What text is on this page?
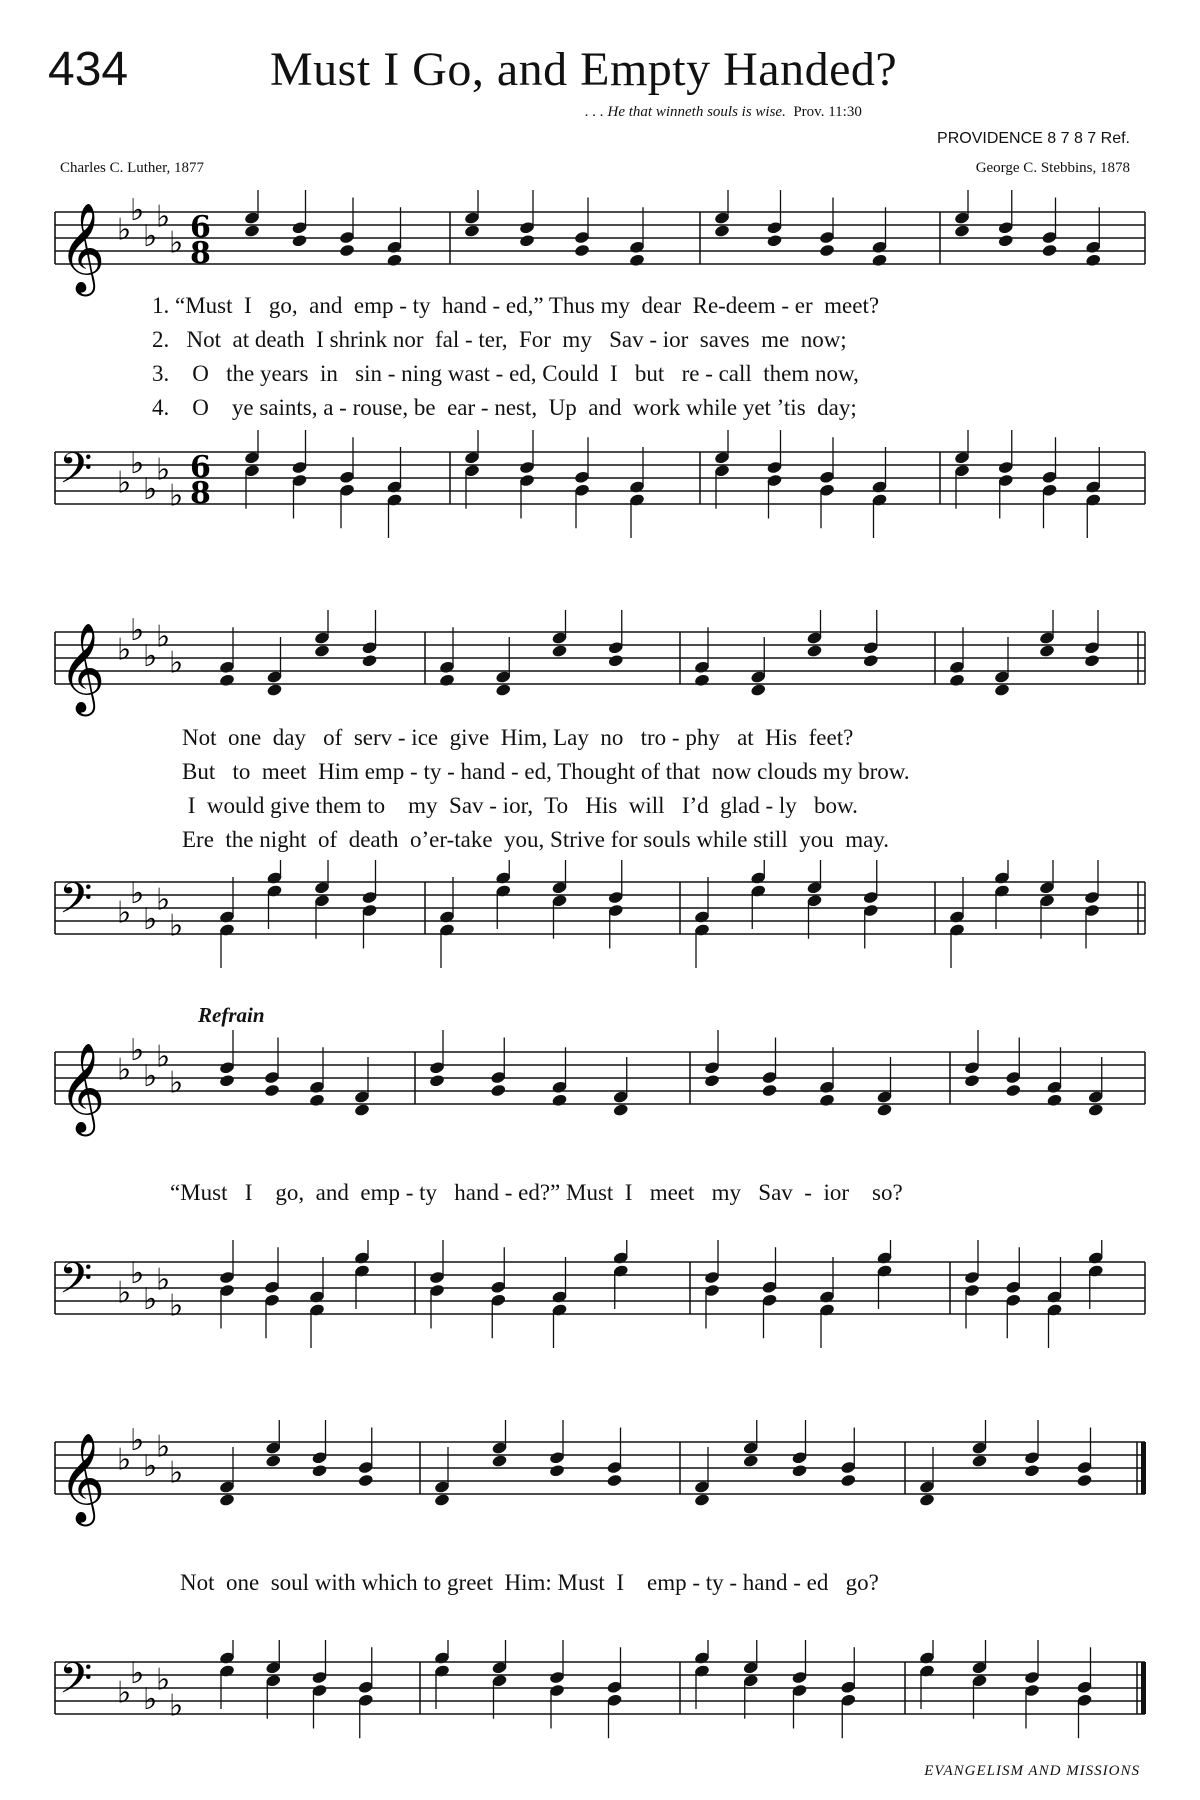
434	Must I Go, and Empty Handed?
. . . He that winneth souls is wise. Prov. 11:30
PROVIDENCE 8 7 8 7 Ref.
Charles C. Luther, 1877	George C. Stebbins, 1878
𝄞 ♭
♭
♭
♭
♭ 6
8
1. “Must  I   go,  and  emp - ty  hand - ed,” Thus my  dear  Re-deem - er  meet?
2.   Not  at death  I shrink nor  fal - ter,  For  my   Sav - ior  saves  me  now;
3.    O   the years  in   sin - ning wast - ed, Could  I   but   re - call  them now,
4.    O    ye saints, a - rouse, be  ear - nest,  Up  and  work while yet ’tis  day;
𝄢 ♭
♭
♭
♭
♭
6
8
𝄞 ♭
♭
♭
♭
♭
Not  one  day   of  serv - ice  give  Him, Lay  no   tro - phy   at  His  feet?
But   to  meet  Him emp - ty - hand - ed, Thought of that  now clouds my brow.
I  would give them to    my  Sav - ior,  To   His  will   I’d  glad - ly   bow.
Ere  the night  of  death  o’er-take  you, Strive for souls while still  you  may.
𝄢 ♭
♭
♭
♭
♭
Refrain
𝄞 ♭
♭
♭
♭
♭
“Must   I    go,  and  emp - ty   hand - ed?” Must  I   meet   my   Sav  -  ior    so?
𝄢 ♭
♭
♭
♭
♭
𝄞 ♭
♭
♭
♭
♭
Not  one  soul with which to greet  Him: Must  I    emp - ty - hand - ed   go?
𝄢 ♭
♭
♭
♭
♭
EVANGELISM AND MISSIONS
